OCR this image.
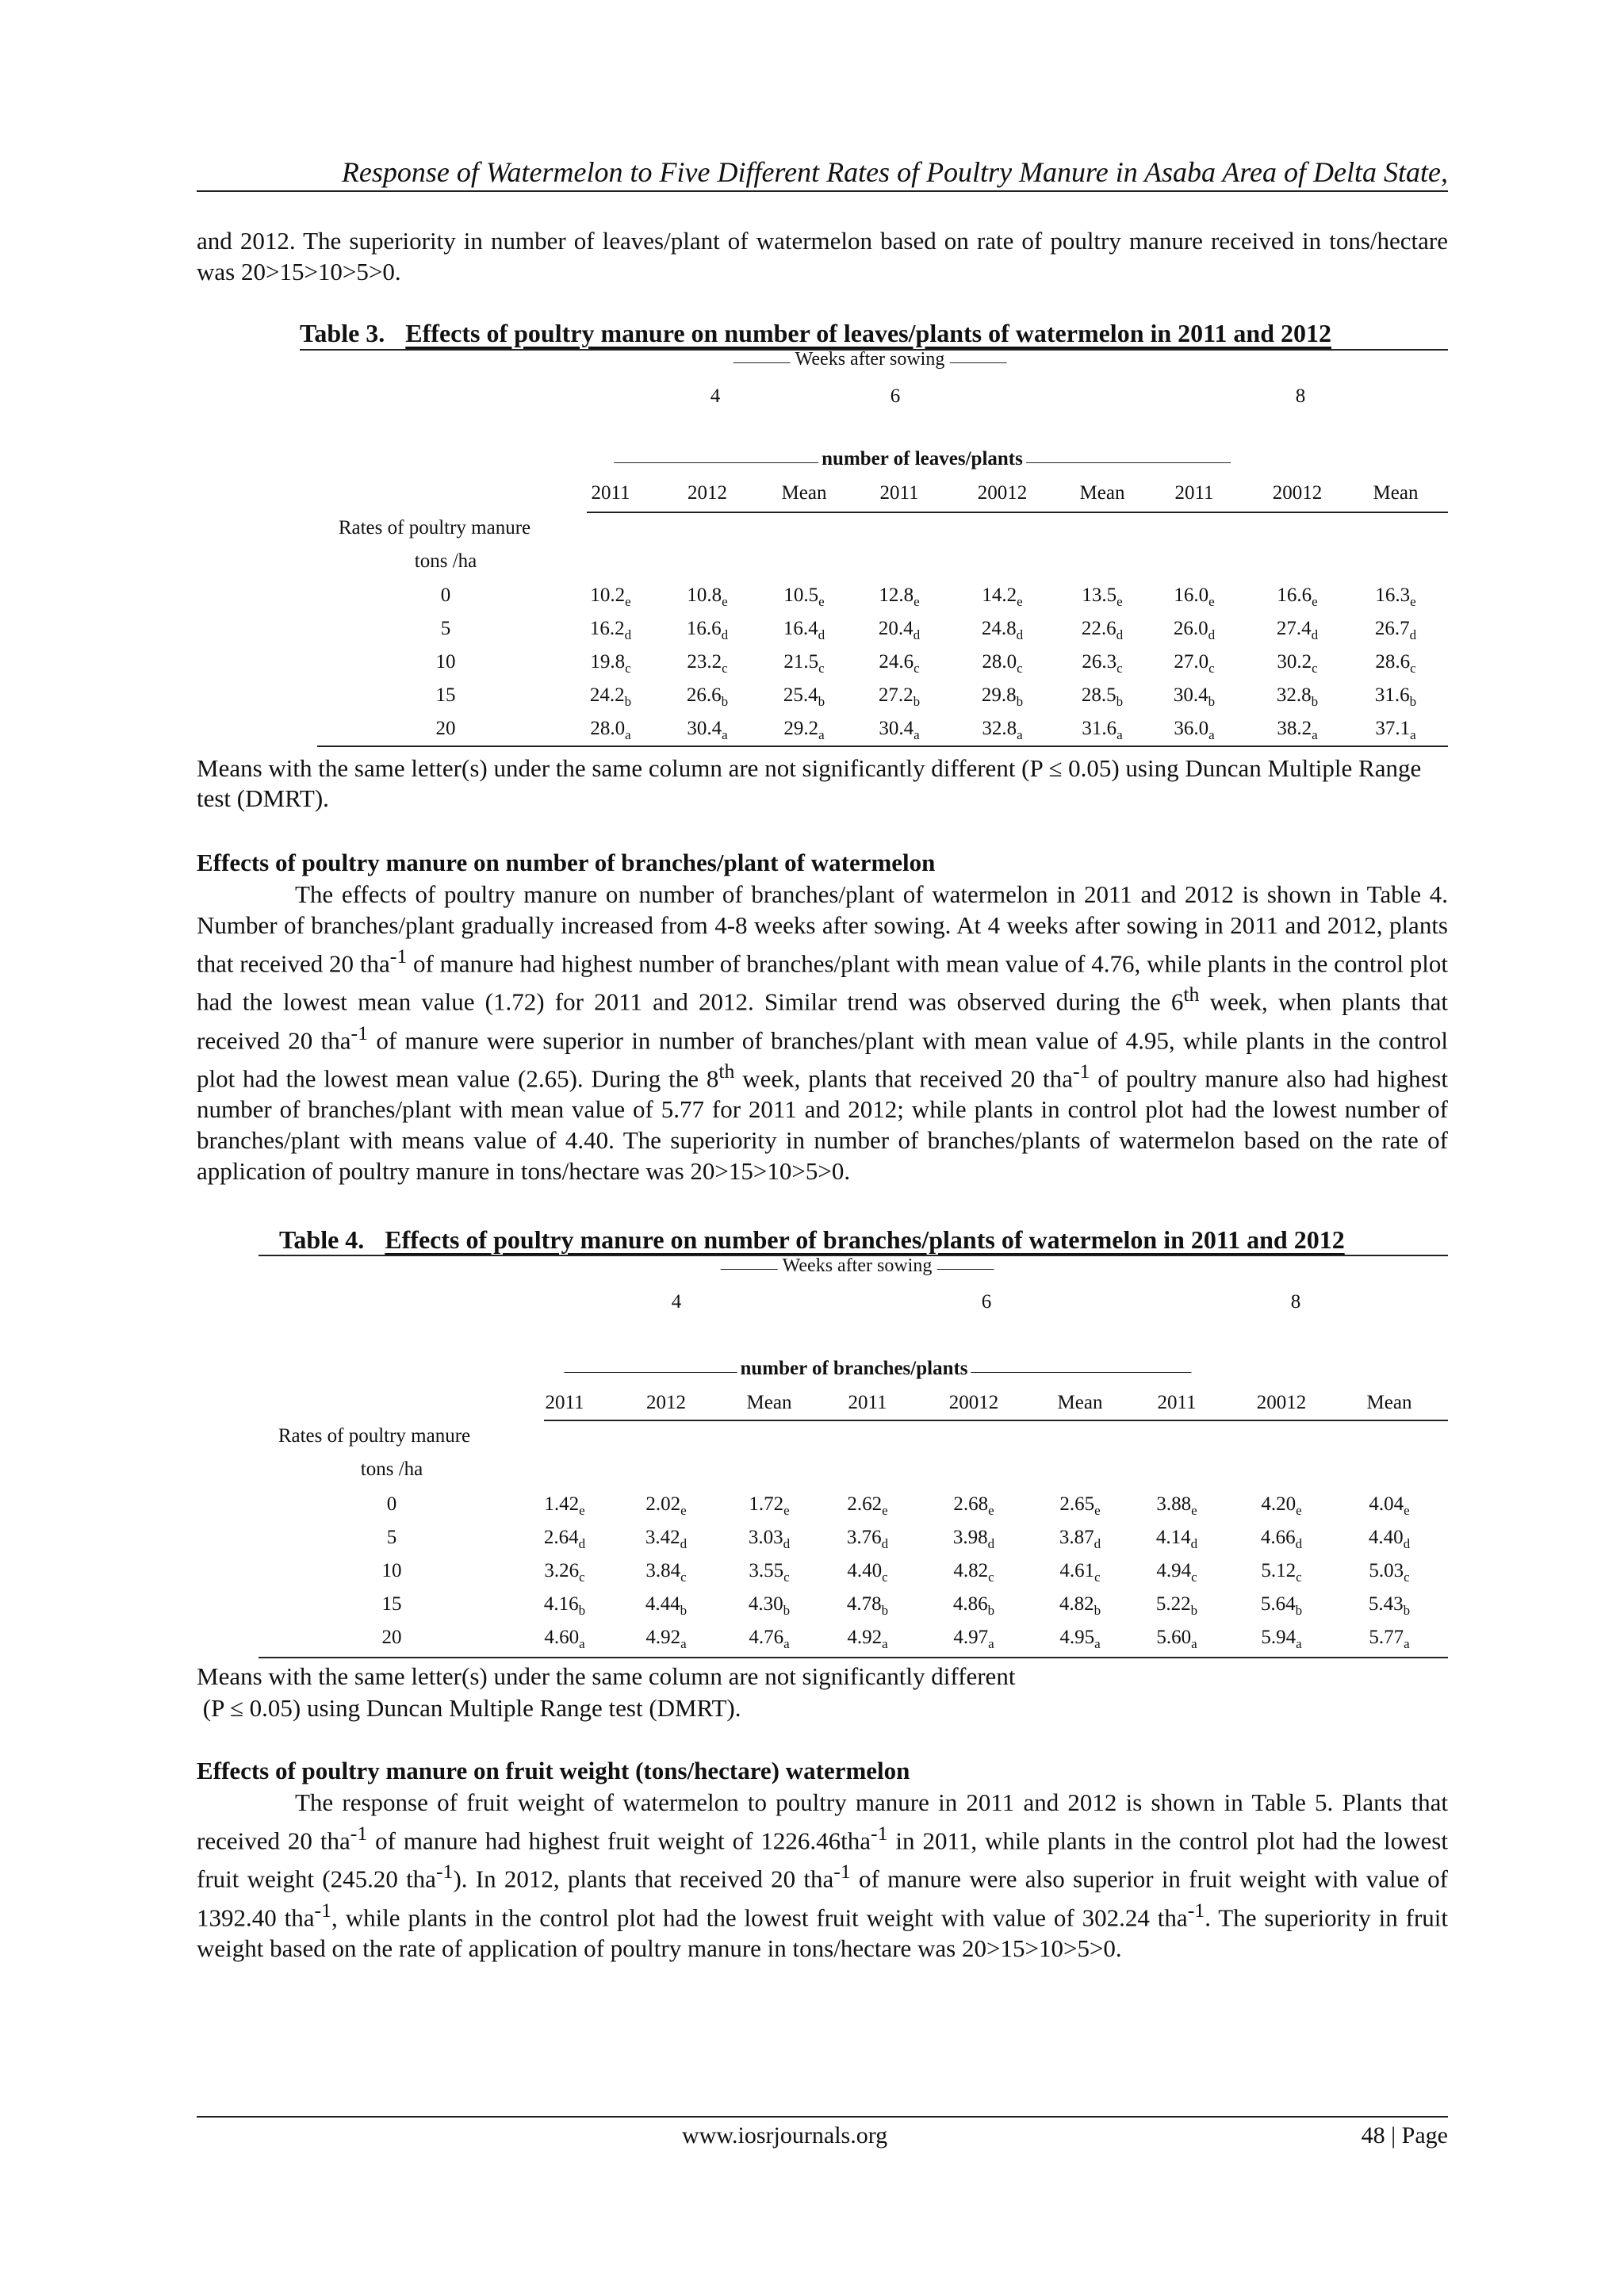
Response of Watermelon to Five Different Rates of Poultry Manure in Asaba Area of Delta State,
and 2012. The superiority in number of leaves/plant of watermelon based on rate of poultry manure received in tons/hectare was 20>15>10>5>0.
Table 3. Effects of poultry manure on number of leaves/plants of watermelon in 2011 and 2012
Weeks after sowing
4	6	8
number of leaves/plants
2011	2012	Mean	2011	20012	Mean	2011	20012	Mean
Rates of poultry manure
tons /ha
0	$10.2_e$	$10.8_e$	$10.5_e$	$12.8_e$	$14.2_e$	$13.5_e$	$16.0_e$	$16.6_e$	$16.3_e$
5	$16.2_d$	$16.6_d$	$16.4_d$	$20.4_d$	$24.8_d$	$22.6_d$	$26.0_d$	$27.4_d$	$26.7_d$
10	$19.8_c$	$23.2_c$	$21.5_c$	$24.6_c$	$28.0_c$	$26.3_c$	$27.0_c$	$30.2_c$	$28.6_c$
15	$24.2_b$	$26.6_b$	$25.4_b$	$27.2_b$	$29.8_b$	$28.5_b$	$30.4_b$	$32.8_b$	$31.6_b$
20	$28.0_a$	$30.4_a$	$29.2_a$	$30.4_a$	$32.8_a$	$31.6_a$	$36.0_a$	$38.2_a$	$37.1_a$
Means with the same letter(s) under the same column are not significantly different (P ≤ 0.05) using Duncan Multiple Range test (DMRT).
Effects of poultry manure on number of branches/plant of watermelon
The effects of poultry manure on number of branches/plant of watermelon in 2011 and 2012 is shown in Table 4. Number of branches/plant gradually increased from 4-8 weeks after sowing. At 4 weeks after sowing in 2011 and 2012, plants that received 20 tha$^{-1}$ of manure had highest number of branches/plant with mean value of 4.76, while plants in the control plot had the lowest mean value (1.72) for 2011 and 2012. Similar trend was observed during the 6th week, when plants that received 20 tha$^{-1}$ of manure were superior in number of branches/plant with mean value of 4.95, while plants in the control plot had the lowest mean value (2.65). During the 8th week, plants that received 20 tha$^{-1}$ of poultry manure also had highest number of branches/plant with mean value of 5.77 for 2011 and 2012; while plants in control plot had the lowest number of branches/plant with means value of 4.40. The superiority in number of branches/plants of watermelon based on the rate of application of poultry manure in tons/hectare was 20>15>10>5>0.
Table 4. Effects of poultry manure on number of branches/plants of watermelon in 2011 and 2012
Weeks after sowing
4	6	8
number of branches/plants
2011	2012	Mean	2011	20012	Mean	2011	20012	Mean
Rates of poultry manure
tons /ha
0	$1.42_e$	$2.02_e$	$1.72_e$	$2.62_e$	$2.68_e$	$2.65_e$	$3.88_e$	$4.20_e$	$4.04_e$
5	$2.64_d$	$3.42_d$	$3.03_d$	$3.76_d$	$3.98_d$	$3.87_d$	$4.14_d$	$4.66_d$	$4.40_d$
10	$3.26_c$	$3.84_c$	$3.55_c$	$4.40_c$	$4.82_c$	$4.61_c$	$4.94_c$	$5.12_c$	$5.03_c$
15	$4.16_b$	$4.44_b$	$4.30_b$	$4.78_b$	$4.86_b$	$4.82_b$	$5.22_b$	$5.64_b$	$5.43_b$
20	$4.60_a$	$4.92_a$	$4.76_a$	$4.92_a$	$4.97_a$	$4.95_a$	$5.60_a$	$5.94_a$	$5.77_a$
Means with the same letter(s) under the same column are not significantly different
(P ≤ 0.05) using Duncan Multiple Range test (DMRT).
Effects of poultry manure on fruit weight (tons/hectare) watermelon
The response of fruit weight of watermelon to poultry manure in 2011 and 2012 is shown in Table 5. Plants that received 20 tha$^{-1}$ of manure had highest fruit weight of 1226.46tha$^{-1}$ in 2011, while plants in the control plot had the lowest fruit weight (245.20 tha$^{-1}$). In 2012, plants that received 20 tha$^{-1}$ of manure were also superior in fruit weight with value of 1392.40 tha$^{-1}$, while plants in the control plot had the lowest fruit weight with value of 302.24 tha$^{-1}$. The superiority in fruit weight based on the rate of application of poultry manure in tons/hectare was 20>15>10>5>0.
www.iosrjournals.org	48 | Page
